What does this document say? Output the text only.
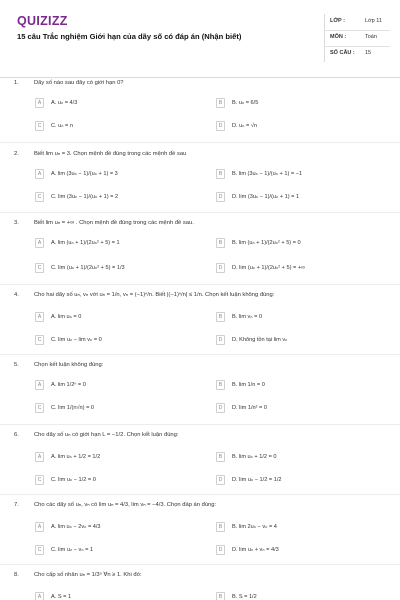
QUIZIZZ
15 câu Trắc nghiệm Giới hạn của dãy số có đáp án (Nhận biết)
LỚP :	Lớp 11
MÔN :	Toán
SỐ CÂU : 15
1.	Dãy số nào sau đây có giới hạn 0?
A	A. uₙ = 4/3	B	B. uₙ = 6/5
C	C. uₙ = n	D	D. uₙ = √n
2.	Biết lim uₙ = 3. Chọn mệnh đề đúng trong các mệnh đề sau
A	A. lim (3uₙ − 1)/(uₙ + 1) = 3	B	B. lim (3uₙ − 1)/(uₙ + 1) = −1
C	C. lim (3uₙ − 1)/(uₙ + 1) = 2	D	D. lim (3uₙ − 1)/(uₙ + 1) = 1
3.	Biết lim uₙ = +∞ . Chọn mệnh đề đúng trong các mệnh đề sau.
A	A. lim (uₙ + 1)/(2uₙ² + 5) = 1	B	B. lim (uₙ + 1)/(2uₙ² + 5) = 0
C	C. lim (uₙ + 1)/(2uₙ² + 5) = 1/3	D	D. lim (uₙ + 1)/(2uₙ² + 5) = +∞
4.	Cho hai dãy số uₙ, vₙ với uₙ = 1/n, vₙ = (−1)ⁿ/n. Biết |(−1)ⁿ/n| ≤ 1/n. Chọn kết luận không đúng:
A	A. lim uₙ = 0	B	B. lim vₙ = 0
C	C. lim uₙ − lim vₙ = 0	D	D. Không tồn tại lim vₙ
5.	Chọn kết luận không đúng:
A	A. lim 1/2ⁿ = 0	B	B. lim 1/n = 0
C	C. lim 1/(n√n) = 0	D	D. lim 1/n² = 0
6.	Cho dãy số uₙ có giới hạn L = −1/2. Chọn kết luận đúng:
A	A. lim uₙ + 1/2 = 1/2	B	B. lim uₙ + 1/2 = 0
C	C. lim uₙ − 1/2 = 0	D	D. lim uₙ − 1/2 = 1/2
7.	Cho các dãy số uₙ, vₙ có lim uₙ = 4/3, lim vₙ = −4/3. Chọn đáp án đúng:
A	A. lim uₙ − 2vₙ = 4/3	B	B. lim 2uₙ − vₙ = 4
C	C. lim uₙ − vₙ = 1	D	D. lim uₙ + vₙ = 4/3
8.	Cho cấp số nhân uₙ = 1/3ⁿ ∀n ≥ 1. Khi đó:
A	A. S = 1	B	B. S = 1/2
